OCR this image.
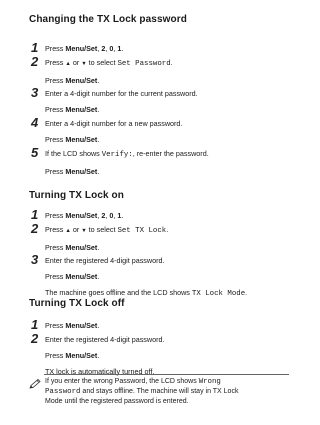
Changing the TX Lock password
1 Press Menu/Set, 2, 0, 1.
2 Press ▲ or ▼ to select Set Password.
Press Menu/Set.
3 Enter a 4-digit number for the current password.
Press Menu/Set.
4 Enter a 4-digit number for a new password.
Press Menu/Set.
5 If the LCD shows Verify:, re-enter the password.
Press Menu/Set.
Turning TX Lock on
1 Press Menu/Set, 2, 0, 1.
2 Press ▲ or ▼ to select Set TX Lock.
Press Menu/Set.
3 Enter the registered 4-digit password.
Press Menu/Set.
The machine goes offline and the LCD shows TX Lock Mode.
Turning TX Lock off
1 Press Menu/Set.
2 Enter the registered 4-digit password.
Press Menu/Set.
TX lock is automatically turned off.
If you enter the wrong Password, the LCD shows Wrong
Password and stays offline. The machine will stay in TX Lock
Mode until the registered password is entered.
